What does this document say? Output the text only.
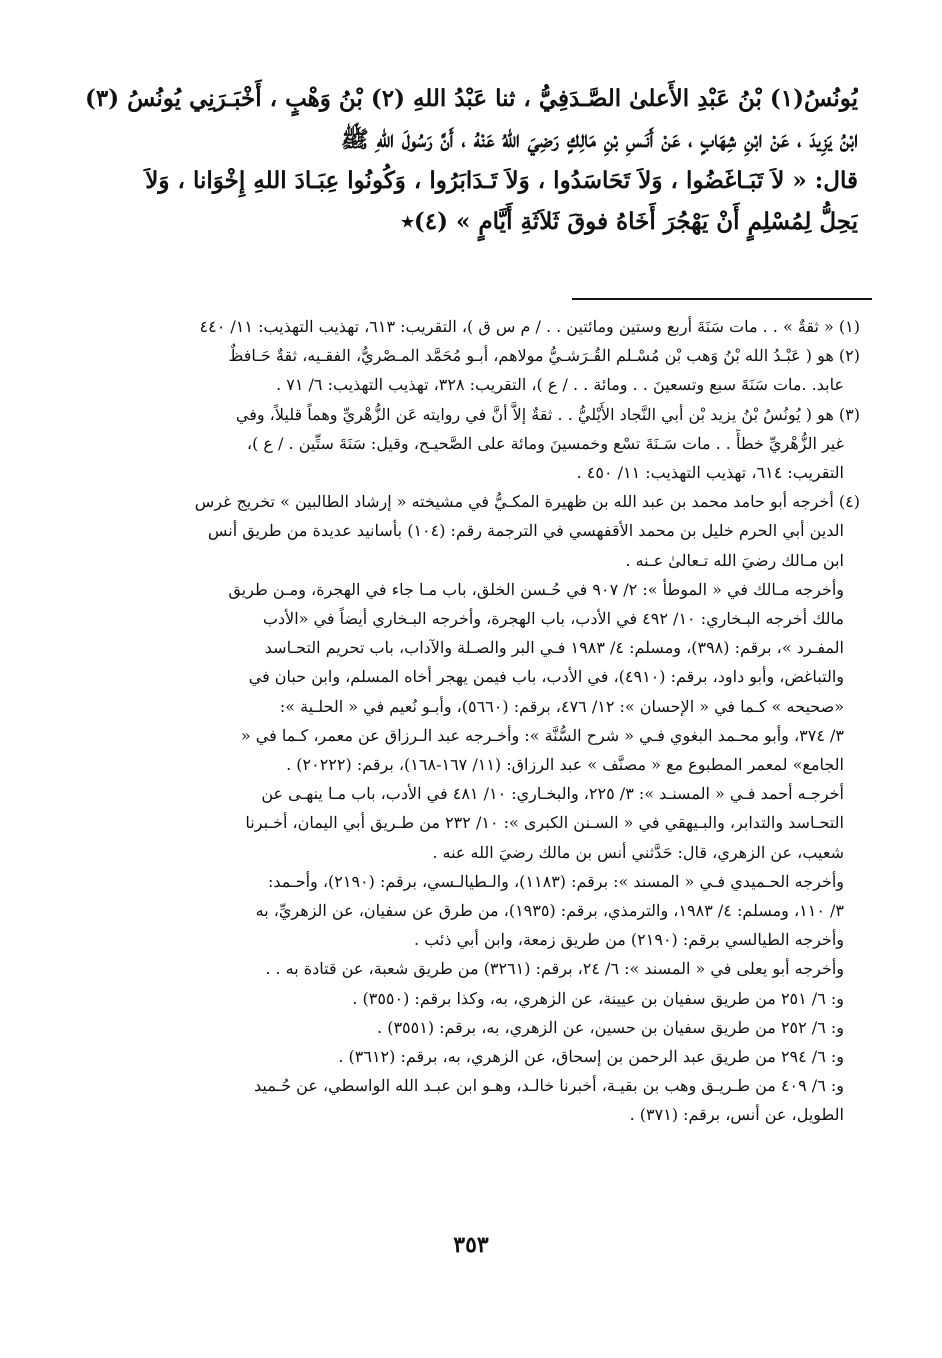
يُونُسُ(١) بْنُ عَبْدِ الأَعلىٰ الصَّـدَفِيُّ ، ثنا عَبْدُ اللهِ (٢) بْنُ وَهْبٍ ، أَخْبَـرَنِي يُونُسُ (٣)
ابْنُ يَزِيدَ ، عَنْ ابْنِ شِهَابٍ ، عَنْ أَنَـسِ بْنِ مَالِكٍ رَضِيَ اللهُ عَنْهُ ، أَنَّ رَسُولَ اللهِ ﷺ
قال: « لاَ تَبَـاغَضُوا ، وَلاَ تَحَاسَدُوا ، وَلاَ تَـدَابَرُوا ، وَكُونُوا عِبَـادَ اللهِ إِخْوَانا ، وَلاَ
يَحِلُّ لِمُسْلِمٍ أَنْ يَهْجُرَ أَخَاهُ فوقَ ثَلاَثَةِ أَيَّامٍ » (٤)٭
(١) « ثقةٌ » . . مات سَنَةَ أربع وستين ومائتين . . / م س ق )، التقريب: ٦١٣، تهذيب التهذيب: ١١/ ٤٤٠
(٢) هو ( عَبْـدُ الله بْنُ وَهب بْن مُسْـلم القُـرَشـيُّ مولاهم، أبـو مُحَمَّد المـصْريُّ، الفقـيه، ثقةٌ حَـافظٌ
عابد. .مات سَنَةَ سبع وتسعينَ . . ومائة . . / ع )، التقريب: ٣٢٨، تهذيب التهذيب: ٦/ ٧١ .
(٣) هو ( يُونُسُ بْنُ يزيد بْن أبي النَّجاد الأَيْليُّ . . ثقةٌ إلاَّ أنَّ في روايته عَن الزُّهْريِّ وهماً قليلاً، وفي
غير الزُّهْريِّ خطأً . . مات سَـنَةَ تسْع وخمسينَ ومائة على الصَّحيـح، وقيل: سَنَةَ ستِّين . / ع )،
التقريب: ٦١٤، تهذيب التهذيب: ١١/ ٤٥٠ .
(٤) أخرجه أبو حامد محمد بن عبد الله بن ظهيرة المكـيُّ في مشيخته « إرشاد الطالبين » تخريج غرس
الدين أبي الحرم خليل بن محمد الأقفهسي في الترجمة رقم: (١٠٤) بأسانيد عديدة من طريق أنس
ابن مـالك رضيَ الله تـعالىٰ عـنه .
وأخرجه مـالك في « الموطأ »: ٢/ ٩٠٧ في حُـسن الخلق، باب مـا جاء في الهجرة، ومـن طريق
مالك أخرجه البـخاري: ١٠/ ٤٩٢ في الأدب، باب الهجرة، وأخرجه البـخاري أيضاً في «الأدب
المفـرد »، برقم: (٣٩٨)، ومسلم: ٤/ ١٩٨٣ فـي البر والصـلة والآداب، باب تحريم التحـاسد
والتباغض، وأبو داود، برقم: (٤٩١٠)، في الأدب، باب فيمن يهجر أخاه المسلم، وابن حبان في
«صحيحه » كـما في « الإحسان »: ١٢/ ٤٧٦، برقم: (٥٦٦٠)، وأبـو نُعيم في « الحلـية »:
٣/ ٣٧٤، وأبو محـمد البغوي فـي « شرح السُّنَّة »: وأخـرجه عبد الـرزاق عن معمر، كـما في «
الجامع» لمعمر المطبوع مع « مصنَّف » عبد الرزاق: (١١/ ١٦٧-١٦٨)، برقم: (٢٠٢٢٢) .
أخرجـه أحمد فـي « المسنـد »: ٣/ ٢٢٥، والبخـاري: ١٠/ ٤٨١ في الأدب، باب مـا ينهـى عن
التحـاسد والتدابر، والبـيهقي في « السـنن الكبرى »: ١٠/ ٢٣٢ من طـريق أبي اليمان، أخـبرنا
شعيب، عن الزهري، قال: حَدَّثني أنس بن مالك رضيَ الله عنه .
وأخرجه الحـميدي فـي « المسند »: برقم: (١١٨٣)، والـطيالـسي، برقم: (٢١٩٠)، وأحـمد:
٣/ ١١٠، ومسلم: ٤/ ١٩٨٣، والترمذي، برقم: (١٩٣٥)، من طرق عن سفيان، عن الزهريِّ، به
وأخرجه الطيالسي برقم: (٢١٩٠) من طريق زمعة، وابن أبي ذئب .
وأخرجه أبو يعلى في « المسند »: ٦/ ٢٤، برقم: (٣٢٦١) من طريق شعبة، عن قتادة به . .
و: ٦/ ٢٥١ من طريق سفيان بن عيينة، عن الزهري، به، وكذا برقم: (٣٥٥٠) .
و: ٦/ ٢٥٢ من طريق سفيان بن حسين، عن الزهري، به، برقم: (٣٥٥١) .
و: ٦/ ٢٩٤ من طريق عبد الرحمن بن إسحاق، عن الزهري، به، برقم: (٣٦١٢) .
و: ٦/ ٤٠٩ من طـريـق وهب بن بقيـة، أخبرنا خالـد، وهـو ابن عبـد الله الواسطي، عن حُـميد
الطويل، عن أنس، برقم: (٣٧١) .
٣٥٣
